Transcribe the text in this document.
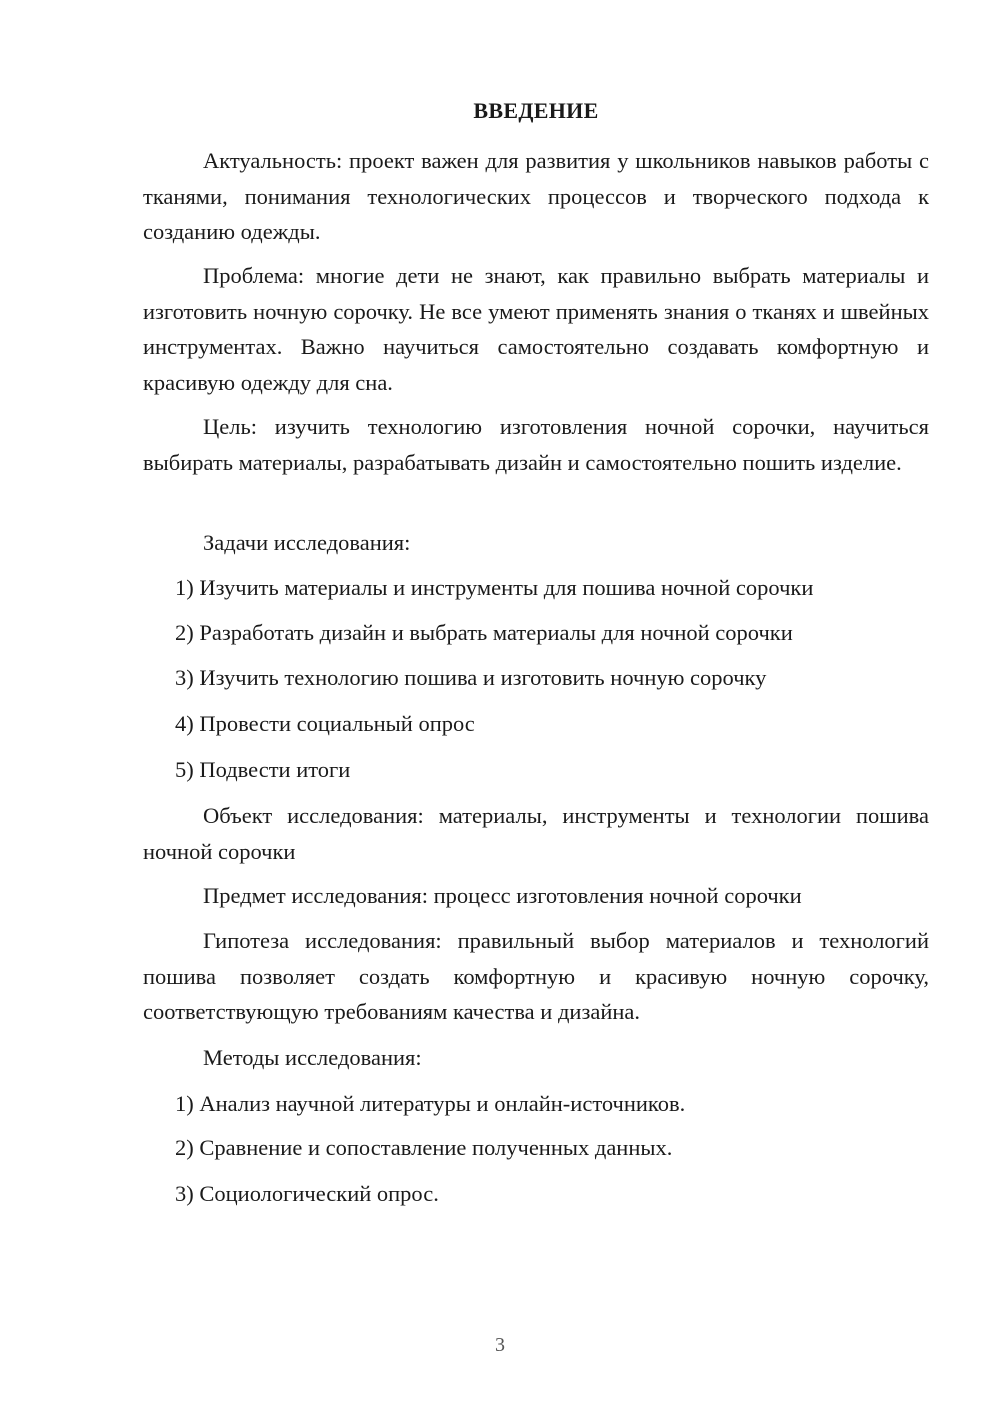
ВВЕДЕНИЕ

Актуальность: проект важен для развития у школьников навыков работы с тканями, понимания технологических процессов и творческого подхода к созданию одежды.

Проблема: многие дети не знают, как правильно выбрать материалы и изготовить ночную сорочку. Не все умеют применять знания о тканях и швейных инструментах. Важно научиться самостоятельно создавать комфортную и красивую одежду для сна.

Цель: изучить технологию изготовления ночной сорочки, научиться выбирать материалы, разрабатывать дизайн и самостоятельно пошить изделие.

Задачи исследования:

1) Изучить материалы и инструменты для пошива ночной сорочки

2) Разработать дизайн и выбрать материалы для ночной сорочки

3) Изучить технологию пошива и изготовить ночную сорочку

4) Провести социальный опрос

5) Подвести итоги

Объект исследования: материалы, инструменты и технологии пошива ночной сорочки

Предмет исследования: процесс изготовления ночной сорочки

Гипотеза исследования: правильный выбор материалов и технологий пошива позволяет создать комфортную и красивую ночную сорочку, соответствующую требованиям качества и дизайна.

Методы исследования:

1) Анализ научной литературы и онлайн-источников.

2) Сравнение и сопоставление полученных данных.

3) Социологический опрос.

3
